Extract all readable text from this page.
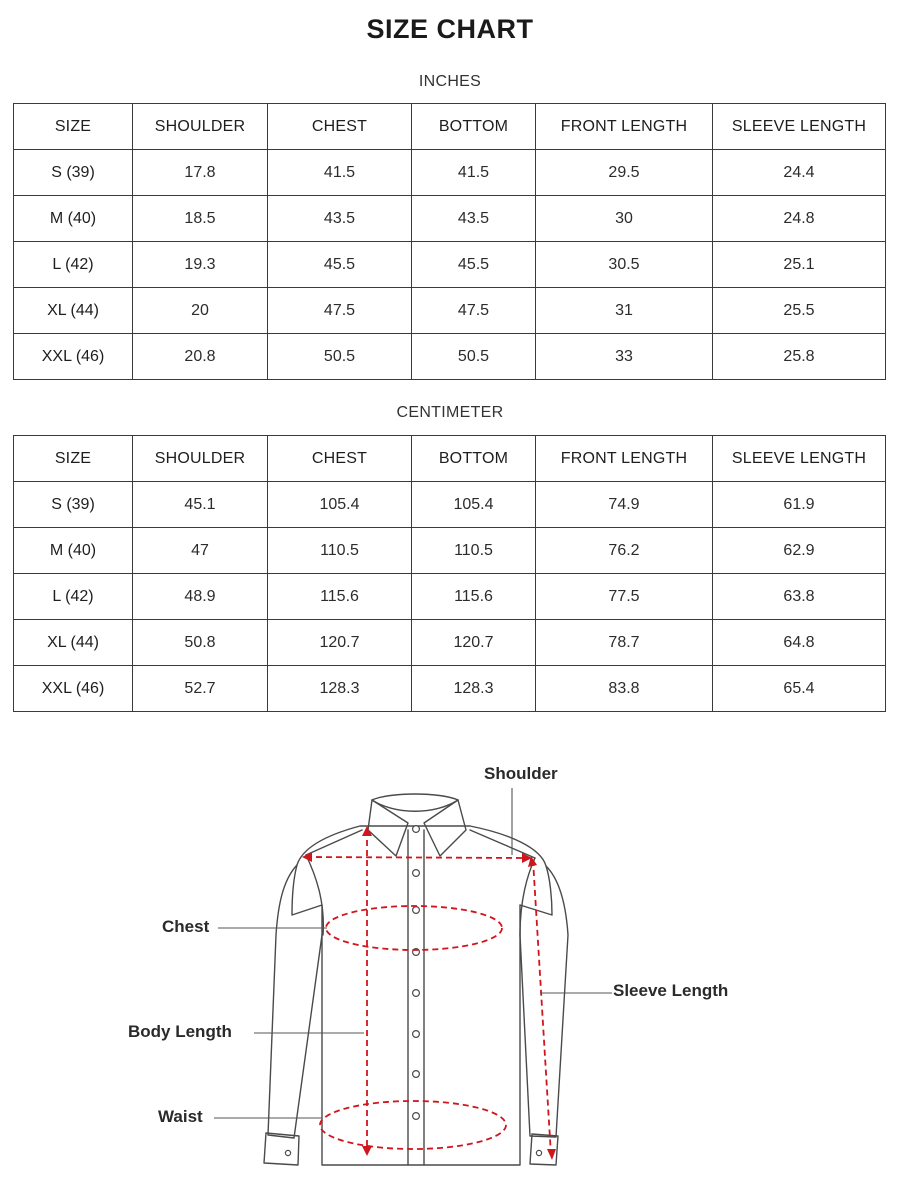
SIZE CHART
INCHES
SIZE	SHOULDER	CHEST	BOTTOM	FRONT LENGTH	SLEEVE LENGTH
S (39)	17.8	41.5	41.5	29.5	24.4
M (40)	18.5	43.5	43.5	30	24.8
L (42)	19.3	45.5	45.5	30.5	25.1
XL (44)	20	47.5	47.5	31	25.5
XXL (46)	20.8	50.5	50.5	33	25.8
CENTIMETER
SIZE	SHOULDER	CHEST	BOTTOM	FRONT LENGTH	SLEEVE LENGTH
S (39)	45.1	105.4	105.4	74.9	61.9
M (40)	47	110.5	110.5	76.2	62.9
L (42)	48.9	115.6	115.6	77.5	63.8
XL (44)	50.8	120.7	120.7	78.7	64.8
XXL (46)	52.7	128.3	128.3	83.8	65.4
Shoulder
Chest
Body Length
Sleeve Length
Waist
